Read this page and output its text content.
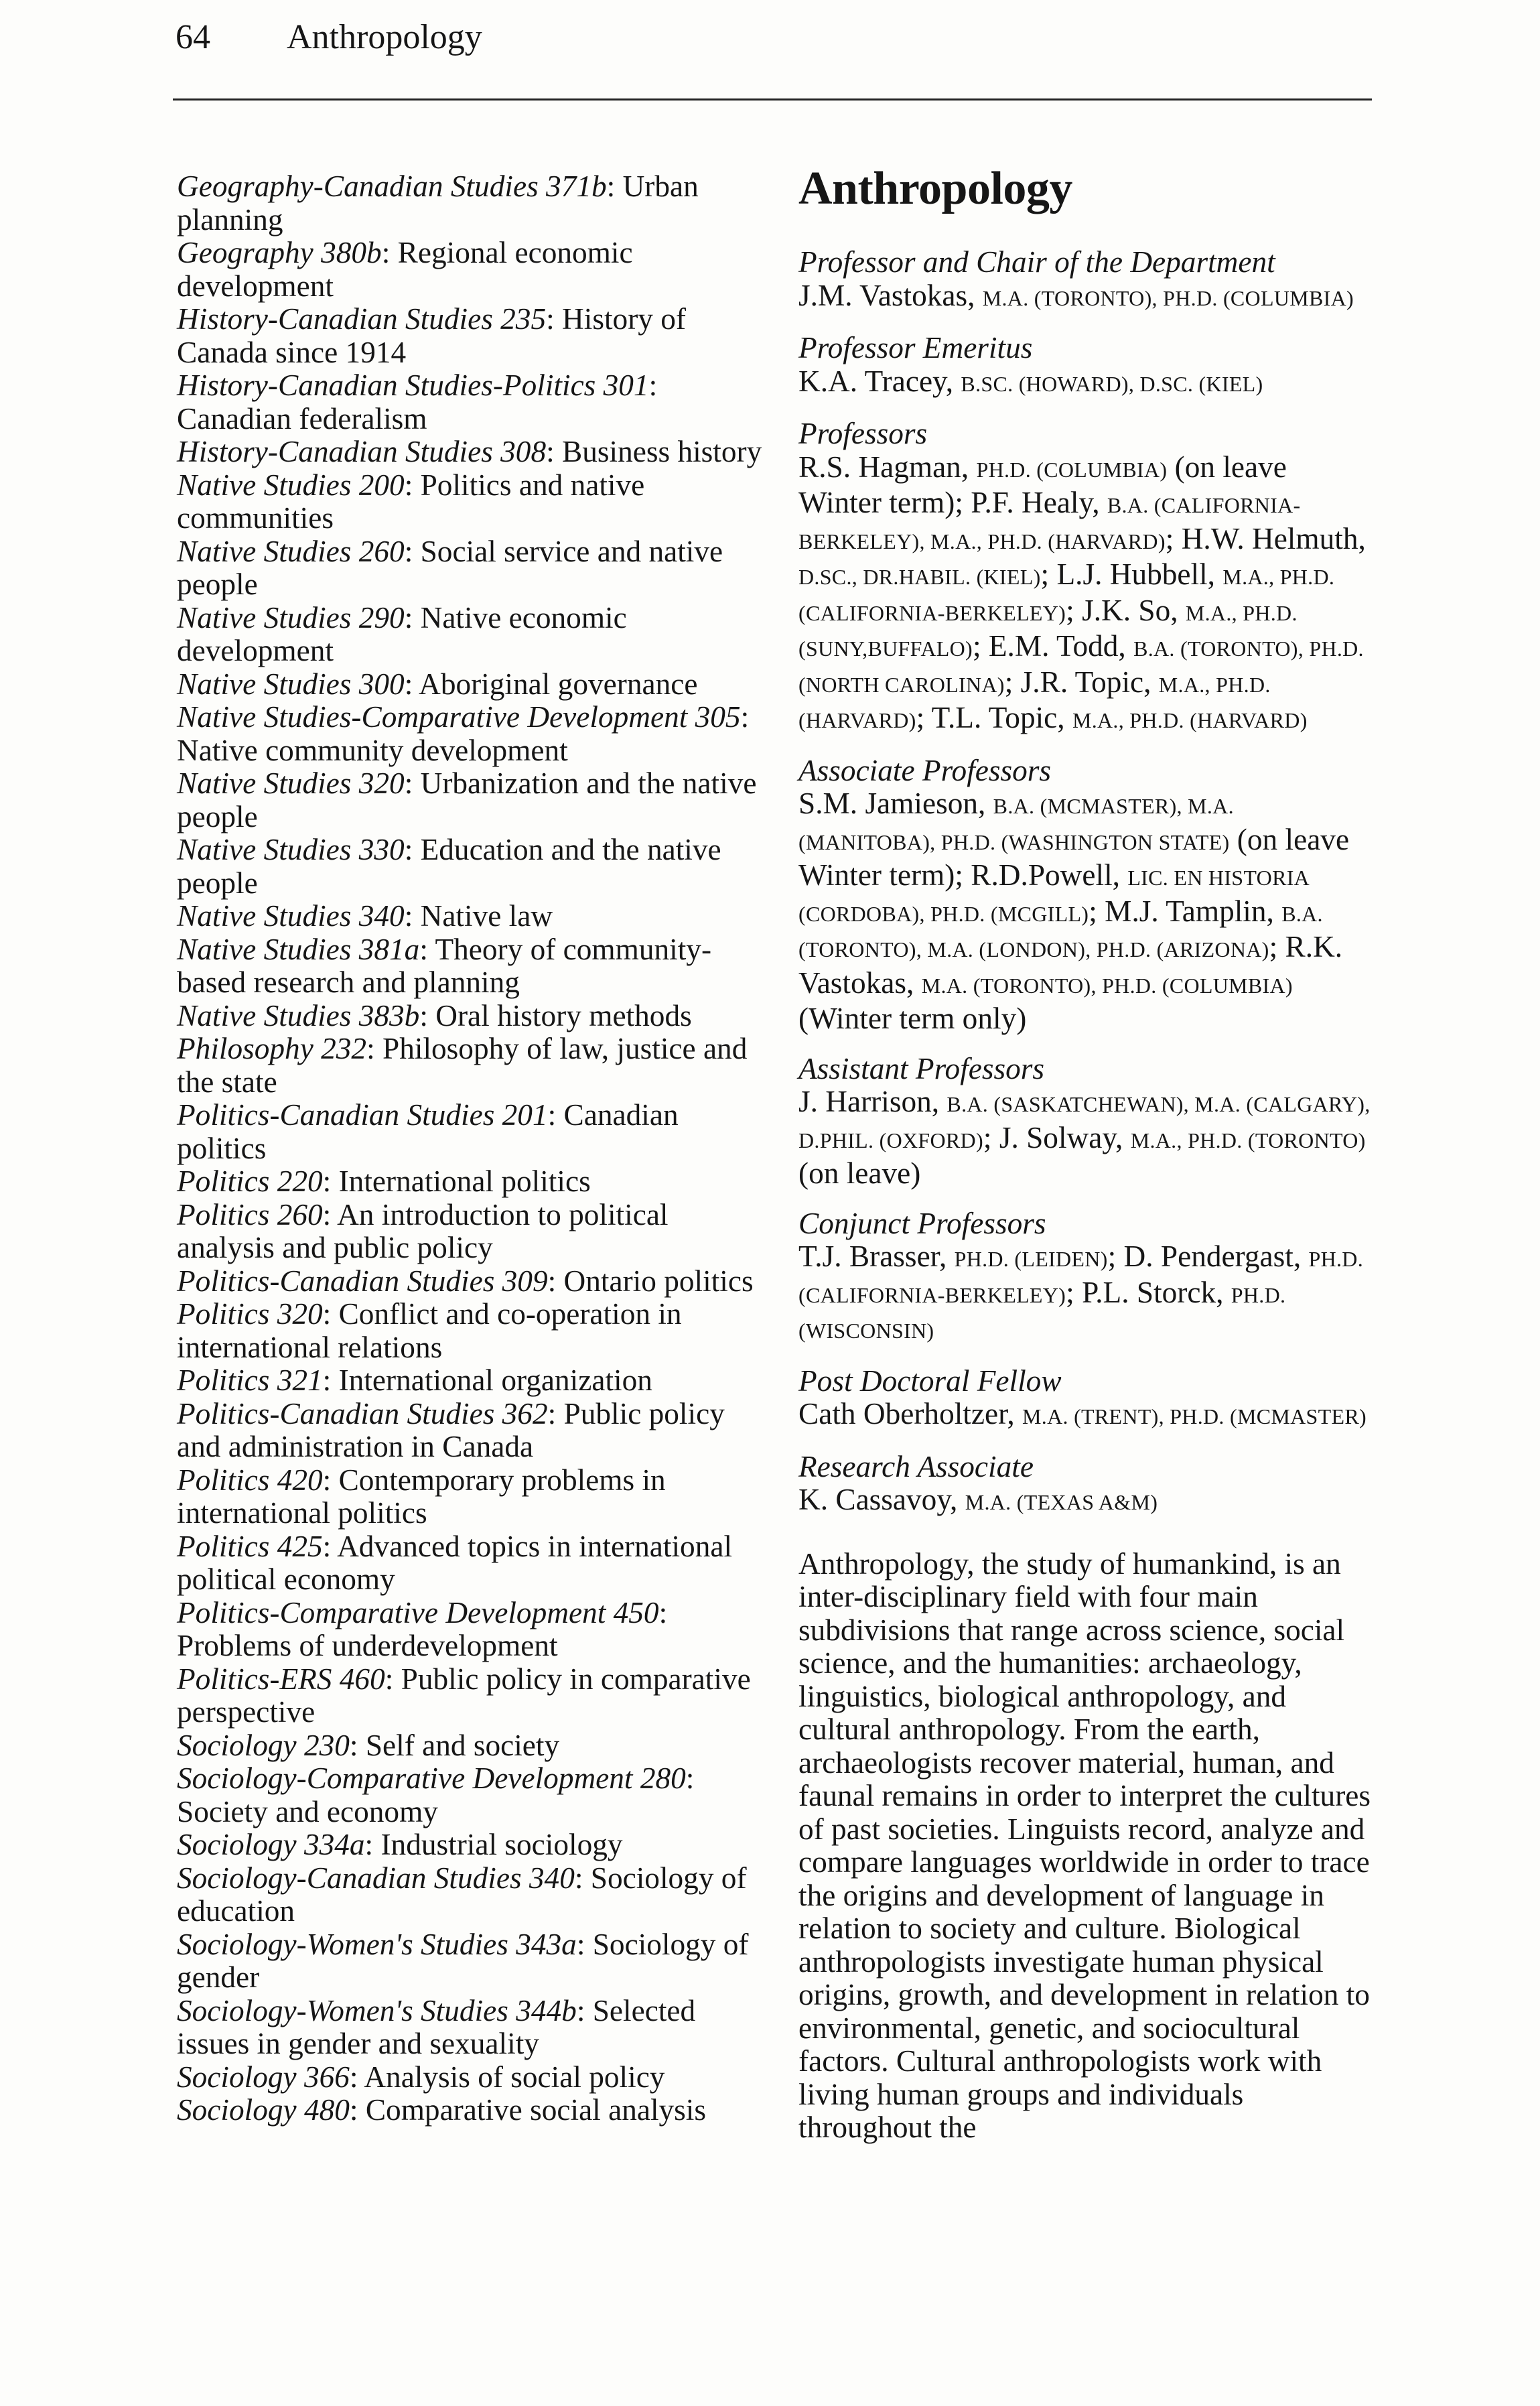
64	Anthropology

Geography-Canadian Studies 371b: Urban planning

Geography 380b: Regional economic development

History-Canadian Studies 235: History of Canada since 1914

History-Canadian Studies-Politics 301: Canadian federalism

History-Canadian Studies 308: Business history

Native Studies 200: Politics and native communities

Native Studies 260: Social service and native people

Native Studies 290: Native economic development

Native Studies 300: Aboriginal governance

Native Studies-Comparative Development 305: Native community development

Native Studies 320: Urbanization and the native people

Native Studies 330: Education and the native people

Native Studies 340: Native law

Native Studies 381a: Theory of community-based research and planning

Native Studies 383b: Oral history methods

Philosophy 232: Philosophy of law, justice and the state

Politics-Canadian Studies 201: Canadian politics

Politics 220: International politics

Politics 260: An introduction to political analysis and public policy

Politics-Canadian Studies 309: Ontario politics

Politics 320: Conflict and co-operation in international relations

Politics 321: International organization

Politics-Canadian Studies 362: Public policy and administration in Canada

Politics 420: Contemporary problems in international politics

Politics 425: Advanced topics in international political economy

Politics-Comparative Development 450: Problems of underdevelopment

Politics-ERS 460: Public policy in comparative perspective

Sociology 230: Self and society

Sociology-Comparative Development 280: Society and economy

Sociology 334a: Industrial sociology

Sociology-Canadian Studies 340: Sociology of education

Sociology-Women's Studies 343a: Sociology of gender

Sociology-Women's Studies 344b: Selected issues in gender and sexuality

Sociology 366: Analysis of social policy

Sociology 480: Comparative social analysis

Anthropology

Professor and Chair of the Department

J.M. Vastokas, M.A. (TORONTO), PH.D. (COLUMBIA)

Professor Emeritus

K.A. Tracey, B.SC. (HOWARD), D.SC. (KIEL)

Professors

R.S. Hagman, PH.D. (COLUMBIA) (on leave Winter term); P.F. Healy, B.A. (CALIFORNIA-BERKELEY), M.A., PH.D. (HARVARD); H.W. Helmuth, D.SC., DR.HABIL. (KIEL); L.J. Hubbell, M.A., PH.D. (CALIFORNIA-BERKELEY); J.K. So, M.A., PH.D. (SUNY,BUFFALO); E.M. Todd, B.A. (TORONTO), PH.D. (NORTH CAROLINA); J.R. Topic, M.A., PH.D. (HARVARD); T.L. Topic, M.A., PH.D. (HARVARD)

Associate Professors

S.M. Jamieson, B.A. (MCMASTER), M.A. (MANITOBA), PH.D. (WASHINGTON STATE) (on leave Winter term); R.D.Powell, LIC. EN HISTORIA (CORDOBA), PH.D. (MCGILL); M.J. Tamplin, B.A. (TORONTO), M.A. (LONDON), PH.D. (ARIZONA); R.K. Vastokas, M.A. (TORONTO), PH.D. (COLUMBIA) (Winter term only)

Assistant Professors

J. Harrison, B.A. (SASKATCHEWAN), M.A. (CALGARY), D.PHIL. (OXFORD); J. Solway, M.A., PH.D. (TORONTO) (on leave)

Conjunct Professors

T.J. Brasser, PH.D. (LEIDEN); D. Pendergast, PH.D. (CALIFORNIA-BERKELEY); P.L. Storck, PH.D. (WISCONSIN)

Post Doctoral Fellow

Cath Oberholtzer, M.A. (TRENT), PH.D. (MCMASTER)

Research Associate

K. Cassavoy, M.A. (TEXAS A&M)

Anthropology, the study of humankind, is an inter-disciplinary field with four main subdivisions that range across science, social science, and the humanities: archaeology, linguistics, biological anthropology, and cultural anthropology. From the earth, archaeologists recover material, human, and faunal remains in order to interpret the cultures of past societies. Linguists record, analyze and compare languages worldwide in order to trace the origins and development of language in relation to society and culture. Biological anthropologists investigate human physical origins, growth, and development in relation to environmental, genetic, and sociocultural factors. Cultural anthropologists work with living human groups and individuals throughout the
